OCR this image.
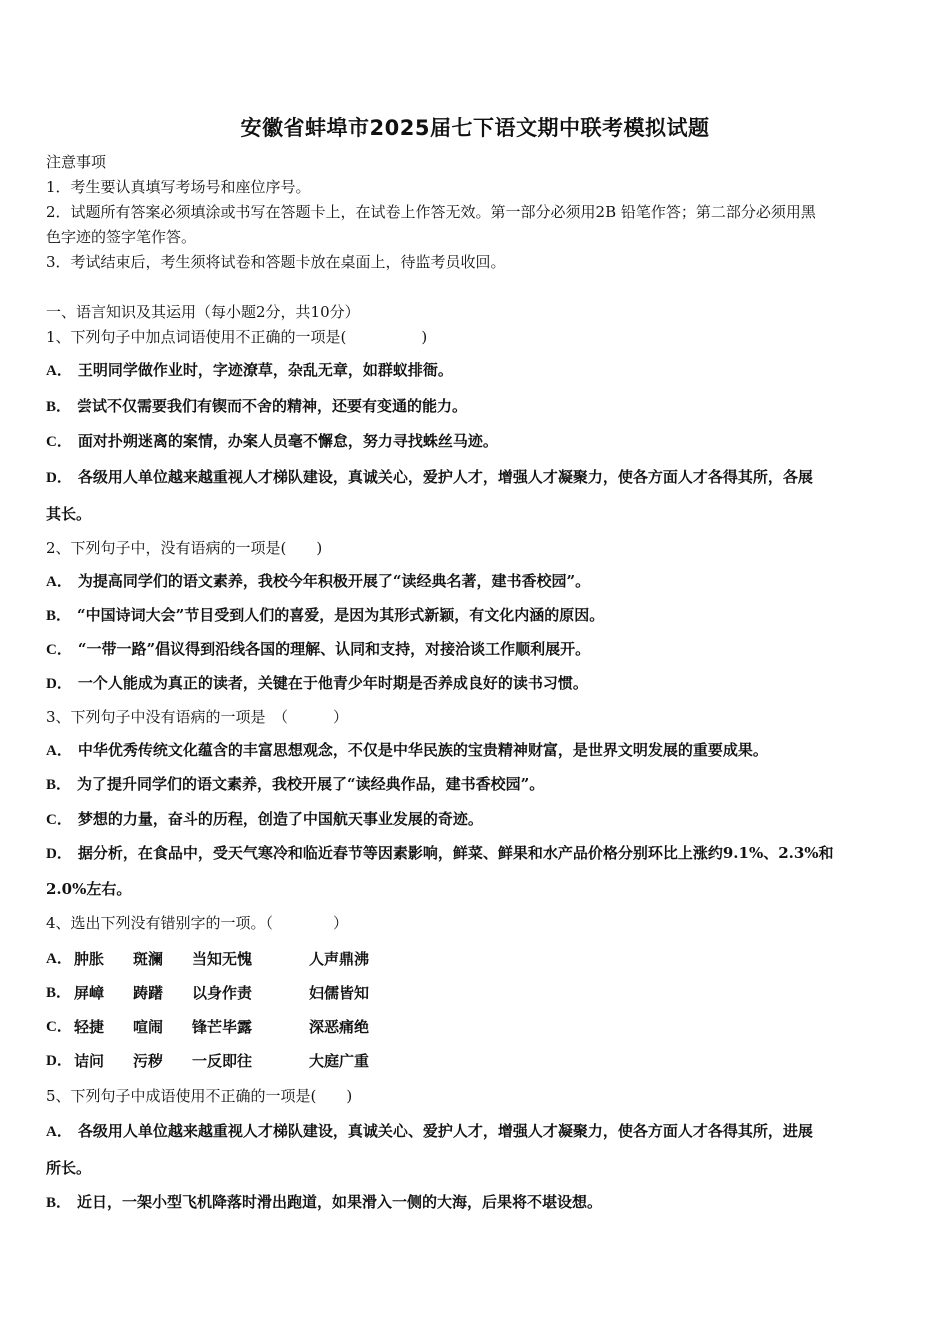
安徽省蚌埠市2025届七下语文期中联考模拟试题
注意事项
1．考生要认真填写考场号和座位序号。
2．试题所有答案必须填涂或书写在答题卡上，在试卷上作答无效。第一部分必须用2B 铅笔作答；第二部分必须用黑
色字迹的签字笔作答。
3．考试结束后，考生须将试卷和答题卡放在桌面上，待监考员收回。
一、语言知识及其运用（每小题2分，共10分）
1、下列句子中加点词语使用不正确的一项是(　　　　　)
A． 王明同学做作业时，字迹潦草，杂乱无章，如群蚁排衙。
B． 尝试不仅需要我们有锲而不舍的精神，还要有变通的能力。
C． 面对扑朔迷离的案情，办案人员毫不懈怠，努力寻找蛛丝马迹。
D． 各级用人单位越来越重视人才梯队建设，真诚关心，爱护人才，增强人才凝聚力，使各方面人才各得其所，各展
其长。
2、下列句子中，没有语病的一项是(　　)
A． 为提高同学们的语文素养，我校今年积极开展了“读经典名著，建书香校园”。
B． “中国诗词大会”节目受到人们的喜爱，是因为其形式新颖，有文化内涵的原因。
C． “一带一路”倡议得到沿线各国的理解、认同和支持，对接洽谈工作顺利展开。
D． 一个人能成为真正的读者，关键在于他青少年时期是否养成良好的读书习惯。
3、下列句子中没有语病的一项是　（　　　）
A． 中华优秀传统文化蕴含的丰富思想观念，不仅是中华民族的宝贵精神财富，是世界文明发展的重要成果。
B． 为了提升同学们的语文素养，我校开展了“读经典作品，建书香校园”。
C． 梦想的力量，奋斗的历程，创造了中国航天事业发展的奇迹。
D． 据分析，在食品中，受天气寒冷和临近春节等因素影响，鲜菜、鲜果和水产品价格分别环比上涨约9.1%、2.3%和
2.0%左右。
4、选出下列没有错别字的一项。（　　　　）
A． 肿胀 斑澜 当知无愧	人声鼎沸
B． 屏嶂 踌躇 以身作责	妇儒皆知
C． 轻捷 喧闹 锋芒毕露	深恶痛绝
D． 诘问 污秽 一反即往	大庭广重
5、下列句子中成语使用不正确的一项是(　　)
A． 各级用人单位越来越重视人才梯队建设，真诚关心、爱护人才，增强人才凝聚力，使各方面人才各得其所，进展
所长。
B． 近日，一架小型飞机降落时滑出跑道，如果滑入一侧的大海，后果将不堪设想。
